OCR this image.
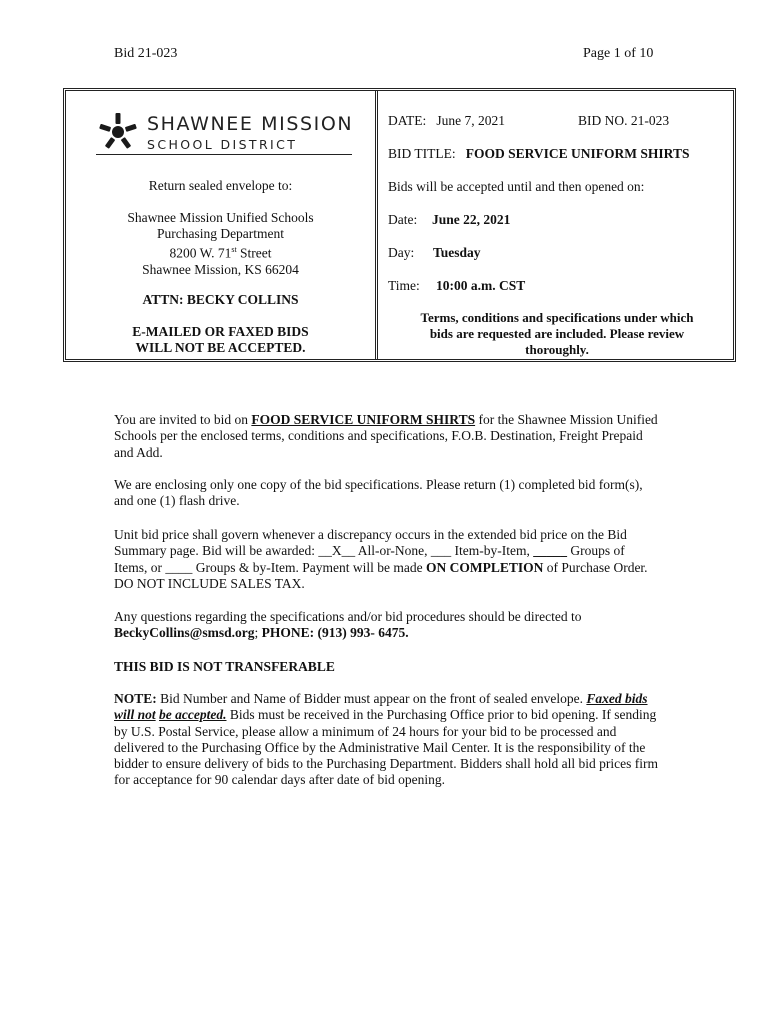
Bid 21-023	Page 1 of 10
SHAWNEE MISSION
SCHOOL DISTRICT
Return sealed envelope to:
Shawnee Mission Unified Schools
Purchasing Department
8200 W. 71st Street
Shawnee Mission, KS 66204
ATTN: BECKY COLLINS
E-MAILED OR FAXED BIDS
WILL NOT BE ACCEPTED.
DATE: June 7, 2021	BID NO. 21-023
BID TITLE: FOOD SERVICE UNIFORM SHIRTS
Bids will be accepted until and then opened on:
Date: June 22, 2021
Day: Tuesday
Time: 10:00 a.m. CST
Terms, conditions and specifications under which
bids are requested are included. Please review
thoroughly.
You are invited to bid on FOOD SERVICE UNIFORM SHIRTS for the Shawnee Mission Unified Schools per the enclosed terms, conditions and specifications, F.O.B. Destination, Freight Prepaid and Add.
We are enclosing only one copy of the bid specifications. Please return (1) completed bid form(s), and one (1) flash drive.
Unit bid price shall govern whenever a discrepancy occurs in the extended bid price on the Bid Summary page. Bid will be awarded: __X__ All-or-None, ___ Item-by-Item, _____ Groups of Items, or ____ Groups & by-Item. Payment will be made ON COMPLETION of Purchase Order. DO NOT INCLUDE SALES TAX.
Any questions regarding the specifications and/or bid procedures should be directed to
BeckyCollins@smsd.org; PHONE: (913) 993- 6475.
THIS BID IS NOT TRANSFERABLE
NOTE: Bid Number and Name of Bidder must appear on the front of sealed envelope. Faxed bids will not be accepted. Bids must be received in the Purchasing Office prior to bid opening. If sending by U.S. Postal Service, please allow a minimum of 24 hours for your bid to be processed and delivered to the Purchasing Office by the Administrative Mail Center. It is the responsibility of the bidder to ensure delivery of bids to the Purchasing Department. Bidders shall hold all bid prices firm for acceptance for 90 calendar days after date of bid opening.
